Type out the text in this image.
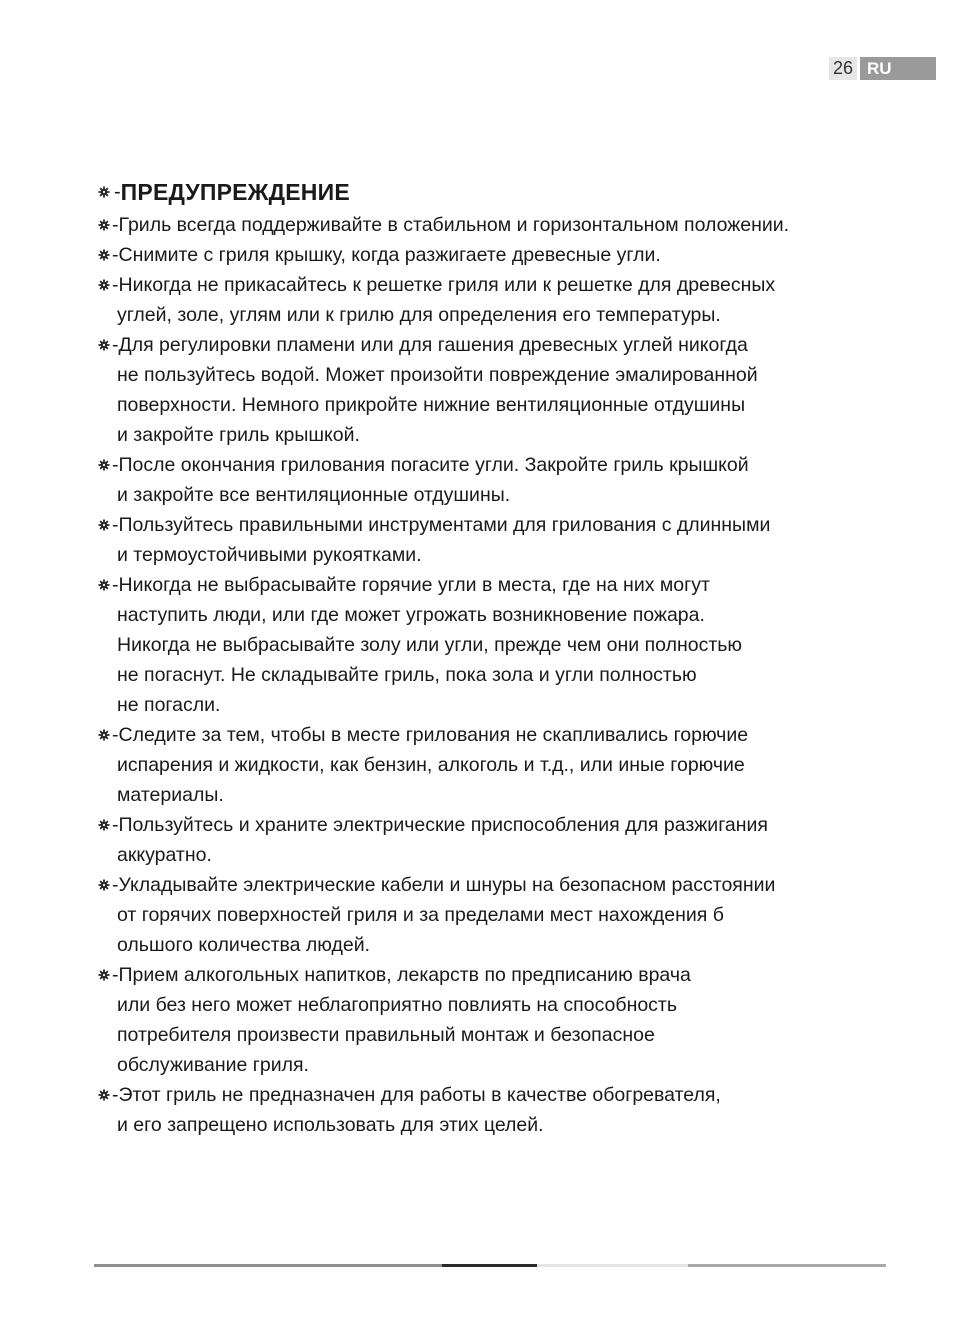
26 RU
- ПРЕДУПРЕЖДЕНИЕ
-Гриль всегда поддерживайте в стабильном и горизонтальном положении.
-Снимите с гриля крышку, когда разжигаете древесные угли.
-Никогда не прикасайтесь к решетке гриля или к решетке для древесных
углей, золе, углям или к грилю для определения его температуры.
-Для регулировки пламени или для гашения древесных углей никогда
не пользуйтесь водой. Может произойти повреждение эмалированной
поверхности. Немного прикройте нижние вентиляционные отдушины
и закройте гриль крышкой.
-После окончания грилования погасите угли. Закройте гриль крышкой
и закройте все вентиляционные отдушины.
-Пользуйтесь правильными инструментами для грилования с длинными
и термоустойчивыми рукоятками.
-Никогда не выбрасывайте горячие угли в места, где на них могут
наступить люди, или где может угрожать возникновение пожара.
Никогда не выбрасывайте золу или угли, прежде чем они полностью
не погаснут. Не складывайте гриль, пока зола и угли полностью
не погасли.
-Следите за тем, чтобы в месте грилования не скапливались горючие
испарения и жидкости, как бензин, алкоголь и т.д., или иные горючие
материалы.
-Пользуйтесь и храните электрические приспособления для разжигания
аккуратно.
-Укладывайте электрические кабели и шнуры на безопасном расстоянии
от горячих поверхностей гриля и за пределами мест нахождения б
ольшого количества людей.
-Прием алкогольных напитков, лекарств по предписанию врача
или без него может неблагоприятно повлиять на способность
потребителя произвести правильный монтаж и безопасное
обслуживание гриля.
-Этот гриль не предназначен для работы в качестве обогревателя,
и его запрещено использовать для этих целей.
